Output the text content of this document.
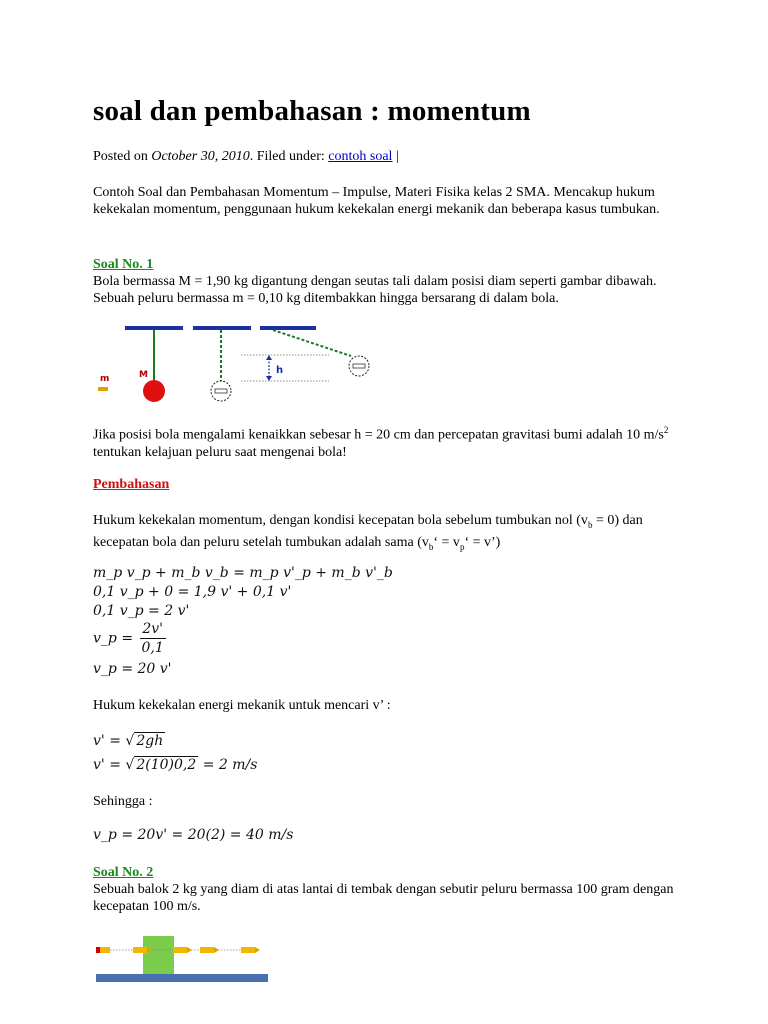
soal dan pembahasan : momentum
Posted on October 30, 2010. Filed under: contoh soal |
Contoh Soal dan Pembahasan Momentum – Impulse, Materi Fisika kelas 2 SMA. Mencakup hukum kekekalan momentum, penggunaan hukum kekekalan energi mekanik dan beberapa kasus tumbukan.
Soal No. 1
Bola bermassa M = 1,90 kg digantung dengan seutas tali dalam posisi diam seperti gambar dibawah. Sebuah peluru bermassa m = 0,10 kg ditembakkan hingga bersarang di dalam bola.
M
m
h
Jika posisi bola mengalami kenaikkan sebesar h = 20 cm dan percepatan gravitasi bumi adalah 10 $m/s^2$ tentukan kelajuan peluru saat mengenai bola!
Pembahasan
Hukum kekekalan momentum, dengan kondisi kecepatan bola sebelum tumbukan nol $(v_b = 0)$ dan kecepatan bola dan peluru setelah tumbukan adalah sama ($v_b‘$ = $v_p‘$ = v’)
m_p v_p + m_b v_b = m_p v'_p + m_b v'_b
0,1 v_p + 0 = 1,9 v' + 0,1 v'
0,1 v_p = 2 v'
v_p = $\frac{2v'}{0,1}$
v_p = 20 v'
Hukum kekekalan energi mekanik untuk mencari v’ :
v' = √ 2gh
v' = √ 2(10)0,2 = 2 m/s
Sehingga :
v_p = 20v' = 20(2) = 40 m/s
Soal No. 2
Sebuah balok 2 kg yang diam di atas lantai di tembak dengan sebutir peluru bermassa 100 gram dengan kecepatan 100 m/s.
